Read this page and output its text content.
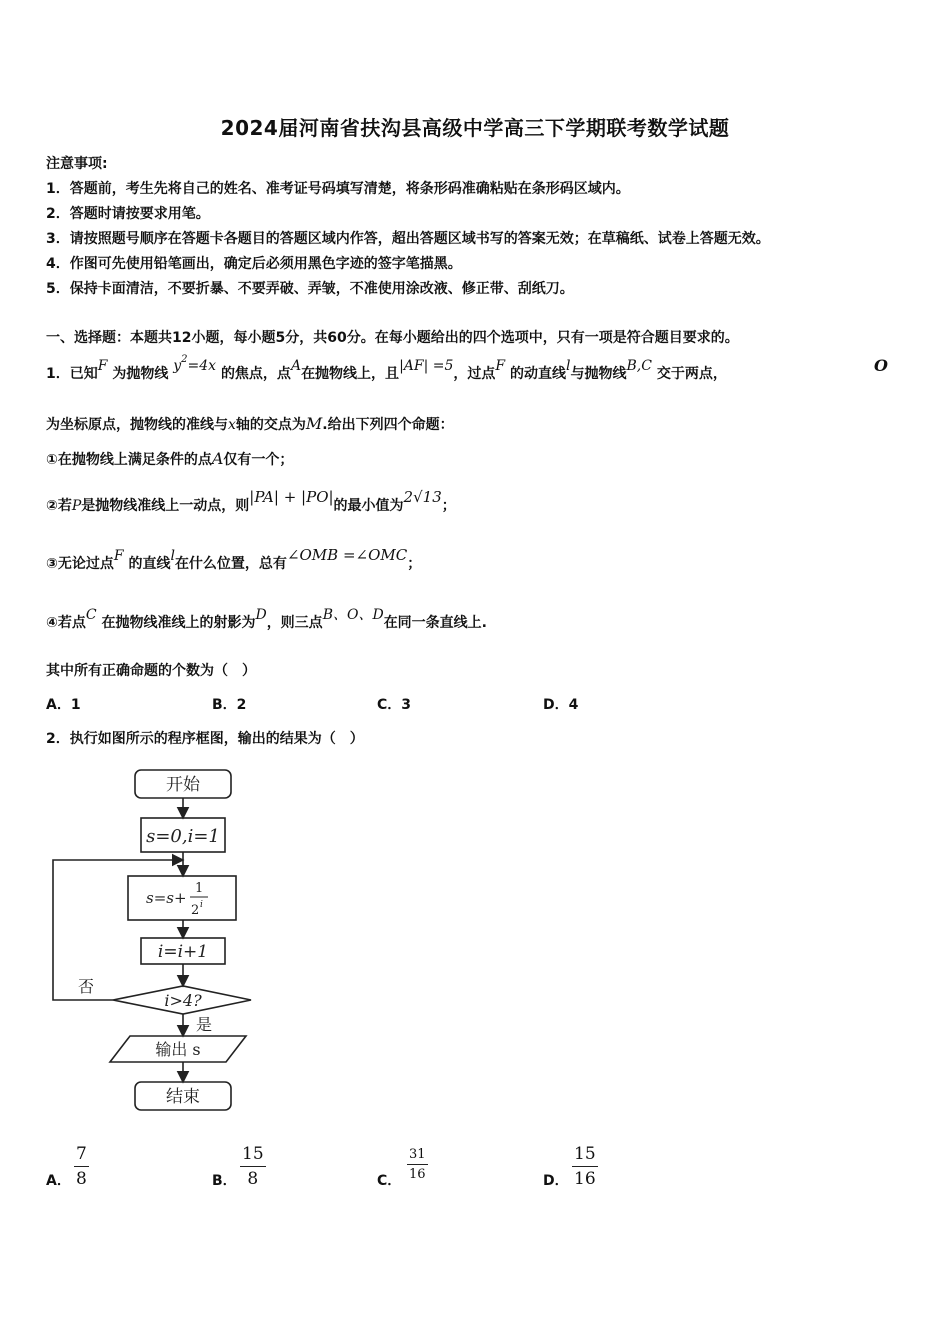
2024届河南省扶沟县高级中学高三下学期联考数学试题
注意事项:
1．答题前，考生先将自己的姓名、准考证号码填写清楚，将条形码准确粘贴在条形码区域内。
2．答题时请按要求用笔。
3．请按照题号顺序在答题卡各题目的答题区域内作答，超出答题区域书写的答案无效；在草稿纸、试卷上答题无效。
4．作图可先使用铅笔画出，确定后必须用黑色字迹的签字笔描黑。
5．保持卡面清洁，不要折暴、不要弄破、弄皱，不准使用涂改液、修正带、刮纸刀。
一、选择题：本题共12小题，每小题5分，共60分。在每小题给出的四个选项中，只有一项是符合题目要求的。
1．已知F 为抛物线 $y^2=4x$ 的焦点，点A在抛物线上，且|AF| =5，过点F 的动直线l与抛物线B,C 交于两点，	O
为坐标原点，抛物线的准线与x轴的交点为M.给出下列四个命题：
①在抛物线上满足条件的点A仅有一个；
②若P是抛物线准线上一动点，则|PA| + |PO|的最小值为2√13；
③无论过点F 的直线l在什么位置，总有∠OMB =∠OMC；
④若点C 在抛物线准线上的射影为D，则三点B、O、D在同一条直线上.
其中所有正确命题的个数为（　）
A．1	B．2	C．3	D．4
2．执行如图所示的程序框图，输出的结果为（　）
开始
s=0,i=1
s=s+
1
2 i
i=i+1
i>4?
否
是
输出 s
结束
A． $\frac{7}{8}$	B． $\frac{15}{8}$	C． $\frac{31}{16}$	D． $\frac{15}{16}$
